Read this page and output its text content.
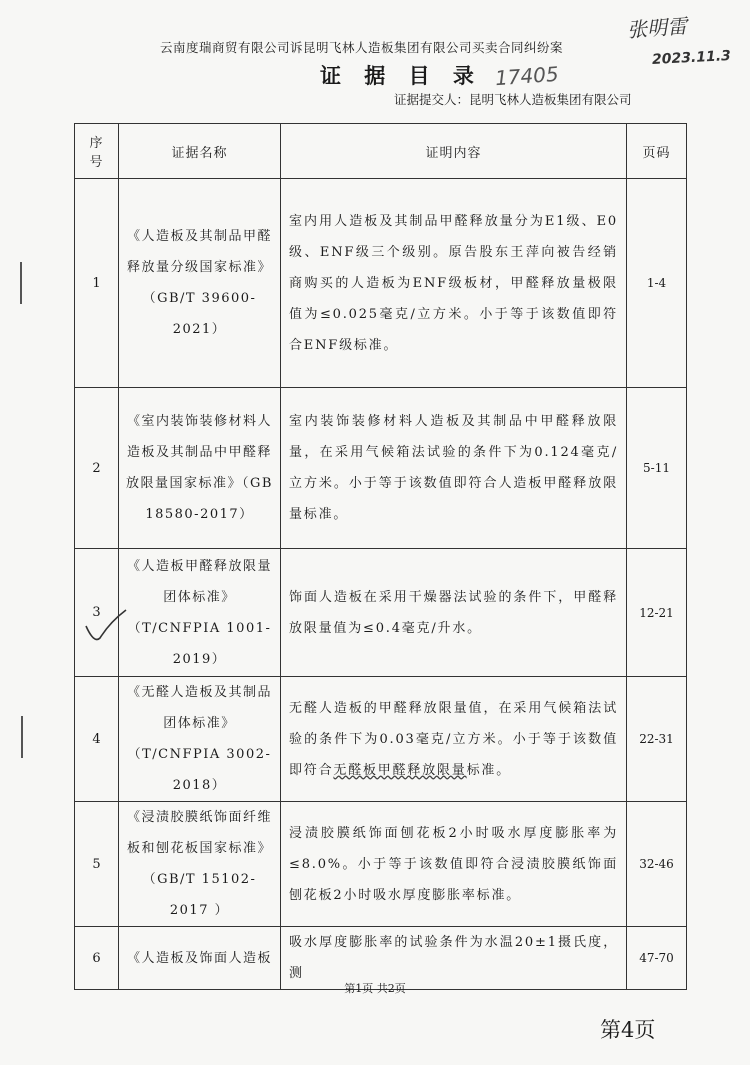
云南度瑞商贸有限公司诉昆明飞林人造板集团有限公司买卖合同纠纷案
证 据 目 录
证据提交人：昆明飞林人造板集团有限公司
张明雷
2023.11.3
17405
序号	证据名称	证明内容	页码
1	《人造板及其制品甲醛释放量分级国家标准》（GB/T 39600-2021）	室内用人造板及其制品甲醛释放量分为E1级、E0级、ENF级三个级别。原告股东王萍向被告经销商购买的人造板为ENF级板材，甲醛释放量极限值为≤0.025毫克/立方米。小于等于该数值即符合ENF级标准。	1-4
2	《室内装饰装修材料人造板及其制品中甲醛释放限量国家标准》（GB 18580-2017）	室内装饰装修材料人造板及其制品中甲醛释放限量，在采用气候箱法试验的条件下为0.124毫克/立方米。小于等于该数值即符合人造板甲醛释放限量标准。	5-11
3	《人造板甲醛释放限量团体标准》（T/CNFPIA 1001-2019）	饰面人造板在采用干燥器法试验的条件下，甲醛释放限量值为≤0.4毫克/升水。	12-21
4	《无醛人造板及其制品团体标准》（T/CNFPIA 3002-2018）	无醛人造板的甲醛释放限量值，在采用气候箱法试验的条件下为0.03毫克/立方米。小于等于该数值即符合无醛板甲醛释放限量标准。	22-31
5	《浸渍胶膜纸饰面纤维板和刨花板国家标准》（GB/T 15102-2017 ）	浸渍胶膜纸饰面刨花板2小时吸水厚度膨胀率为≤8.0%。小于等于该数值即符合浸渍胶膜纸饰面刨花板2小时吸水厚度膨胀率标准。	32-46
6	《人造板及饰面人造板	吸水厚度膨胀率的试验条件为水温20±1摄氏度，测	47-70
第1页 共2页
第4页
